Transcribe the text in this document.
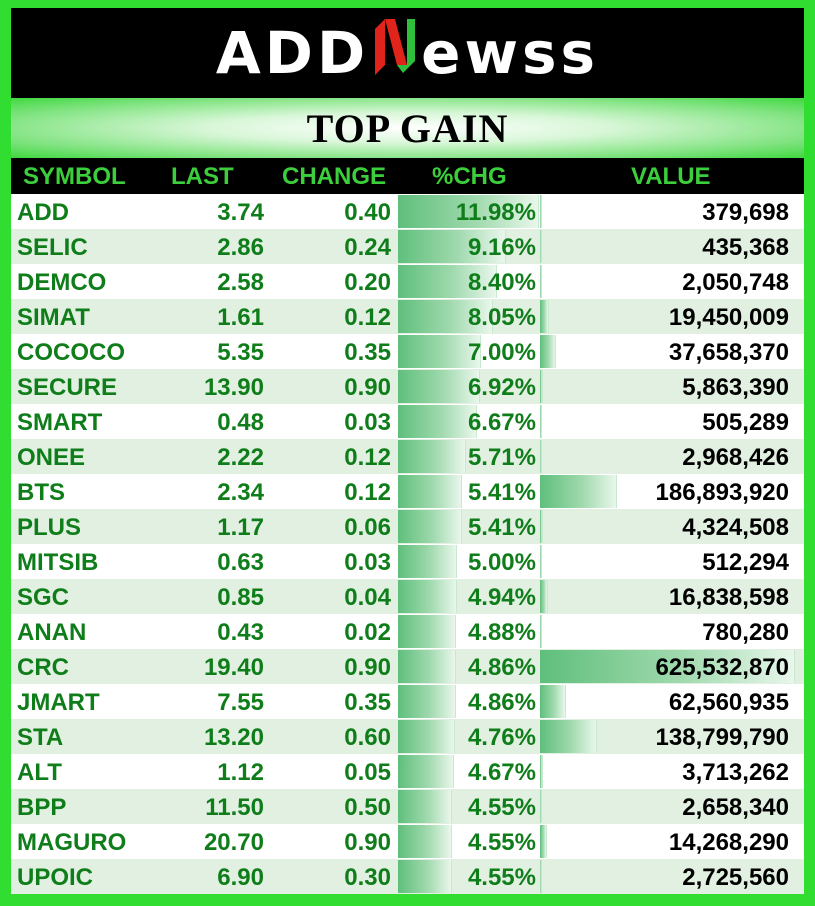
ADD ewss
TOP GAIN
SYMBOL LAST CHANGE %CHG	VALUE
ADD	3.74	0.40	11.98%	379,698
SELIC	2.86	0.24	9.16%	435,368
DEMCO	2.58	0.20	8.40%	2,050,748
SIMAT	1.61	0.12	8.05%	19,450,009
COCOCO	5.35	0.35	7.00%	37,658,370
SECURE	13.90	0.90	6.92%	5,863,390
SMART	0.48	0.03	6.67%	505,289
ONEE	2.22	0.12	5.71%	2,968,426
BTS	2.34	0.12	5.41%	186,893,920
PLUS	1.17	0.06	5.41%	4,324,508
MITSIB	0.63	0.03	5.00%	512,294
SGC	0.85	0.04	4.94%	16,838,598
ANAN	0.43	0.02	4.88%	780,280
CRC	19.40	0.90	4.86%	625,532,870
JMART	7.55	0.35	4.86%	62,560,935
STA	13.20	0.60	4.76%	138,799,790
ALT	1.12	0.05	4.67%	3,713,262
BPP	11.50	0.50	4.55%	2,658,340
MAGURO	20.70	0.90	4.55%	14,268,290
UPOIC	6.90	0.30	4.55%	2,725,560
